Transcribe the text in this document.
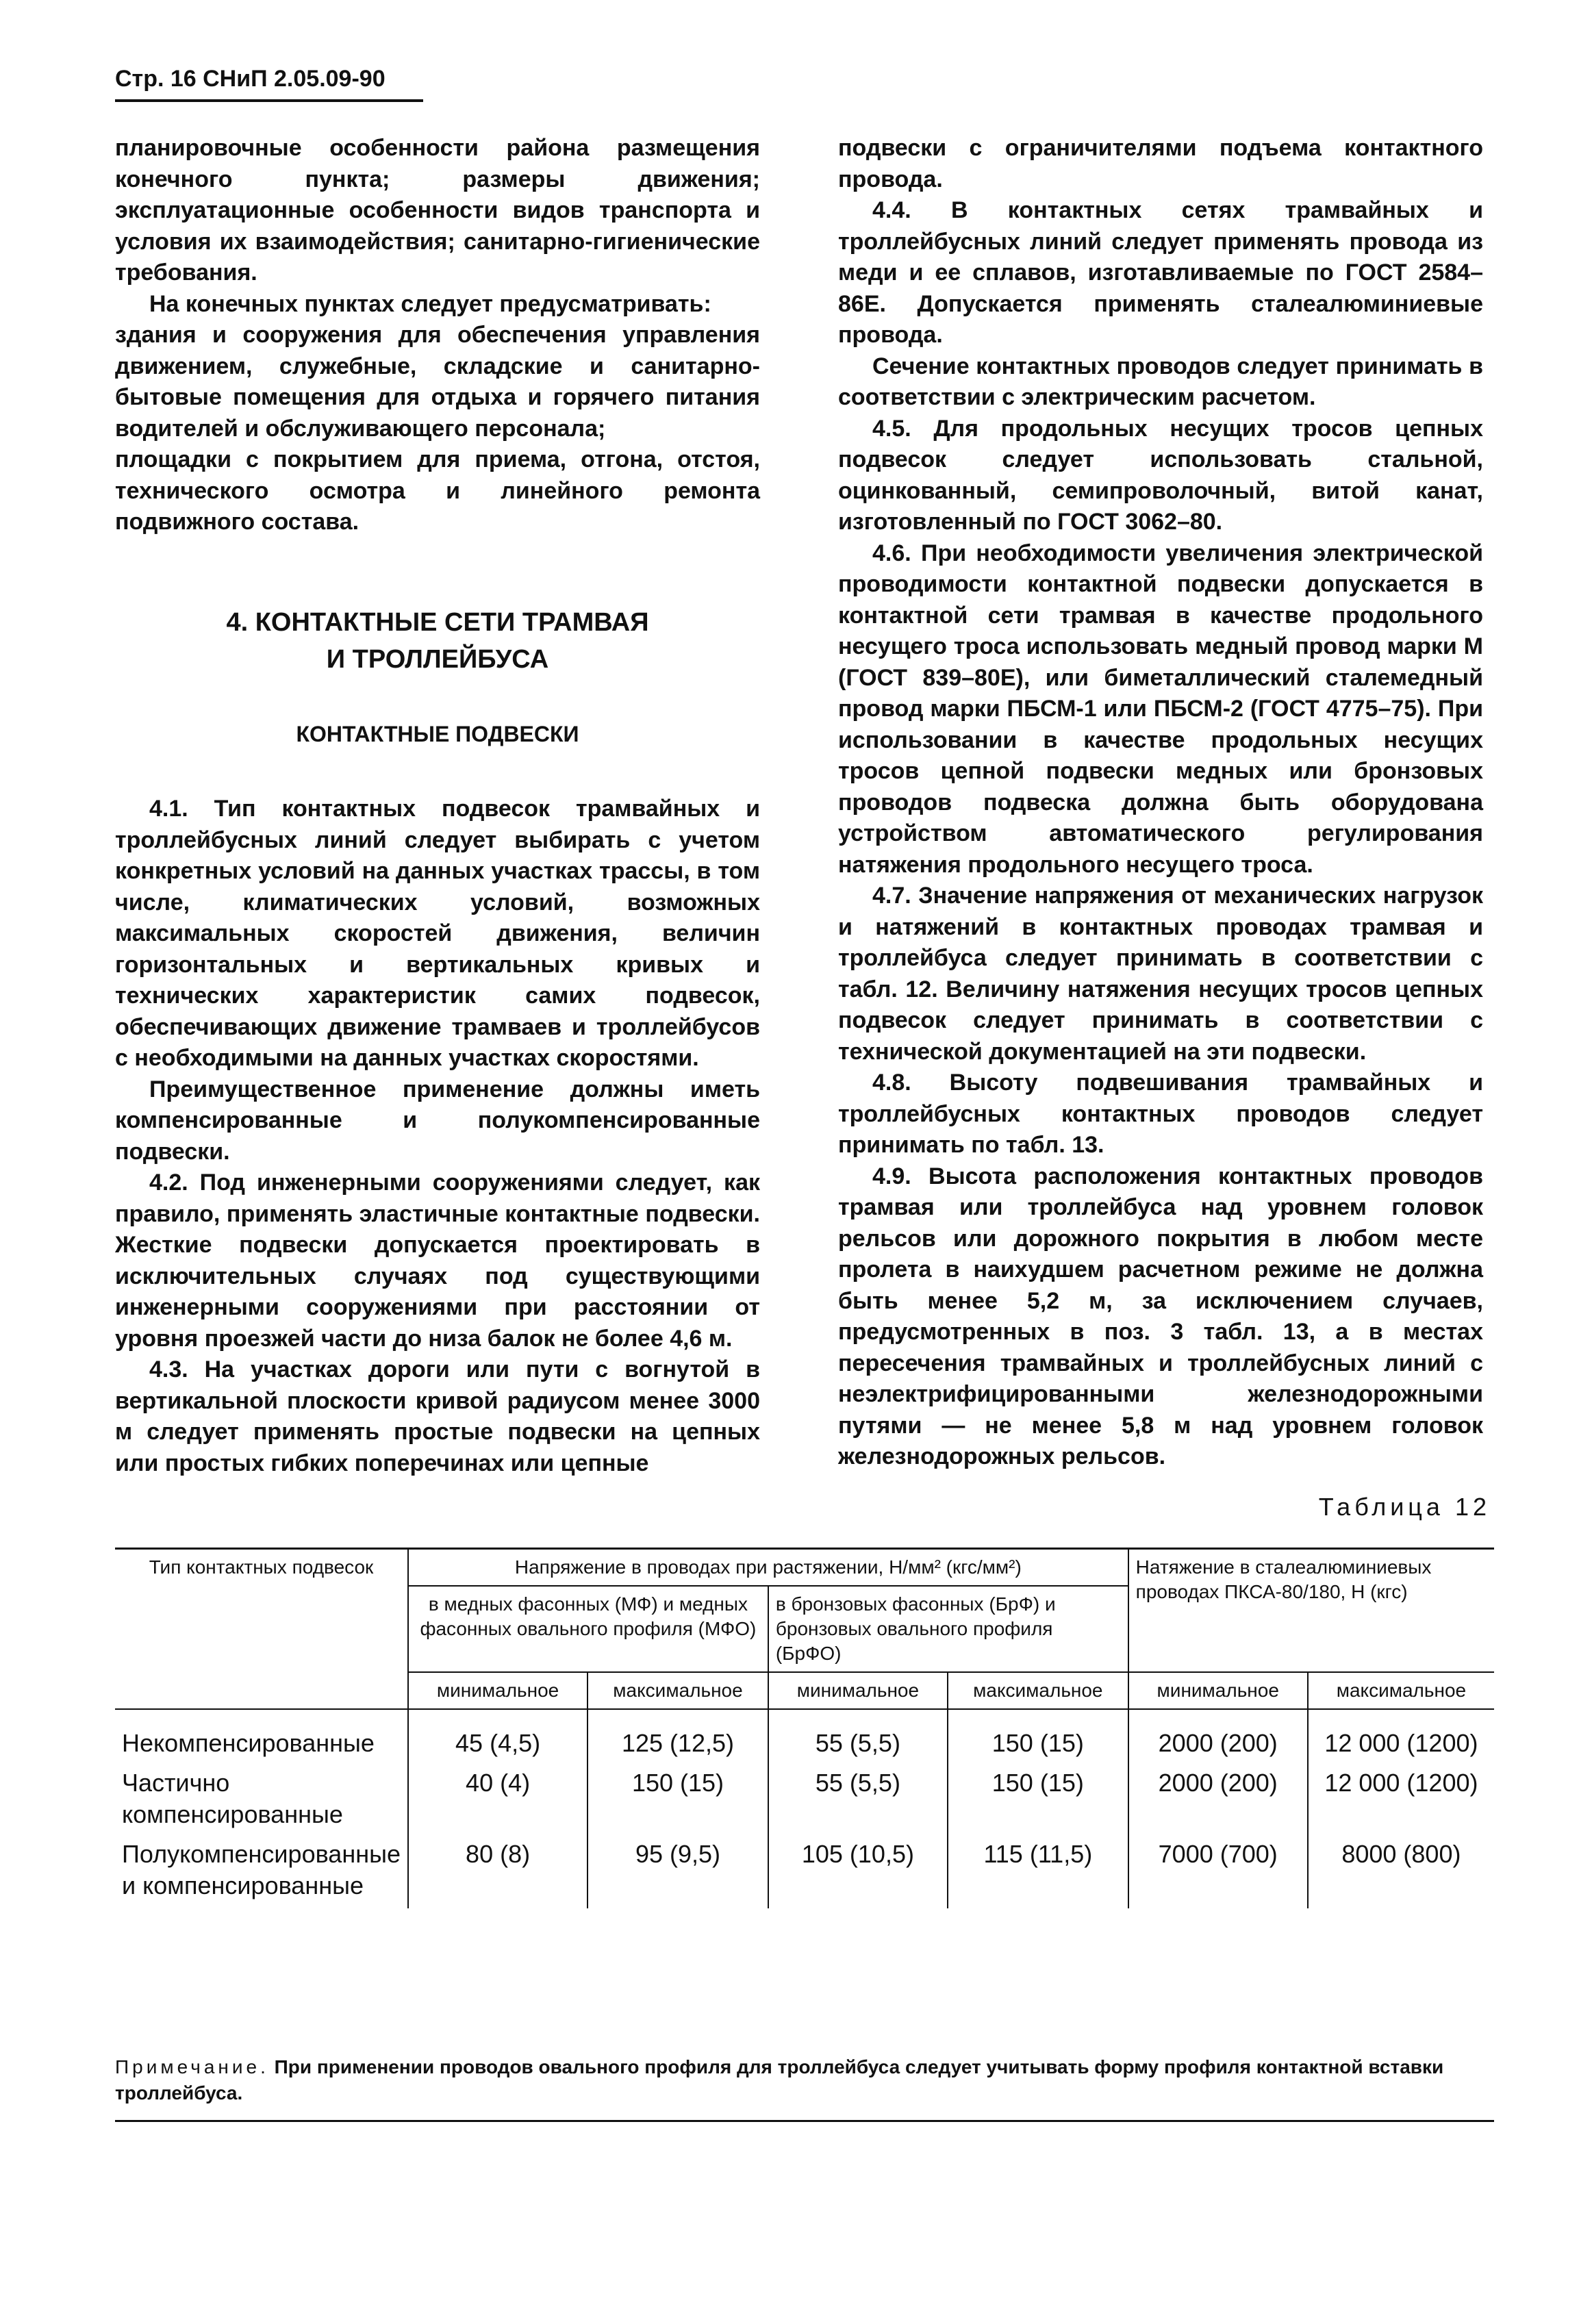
Стр. 16 СНиП 2.05.09-90

планировочные особенности района размещения конечного пункта; размеры движения; эксплуатационные особенности видов транспорта и условия их взаимодействия; санитарно-гигиенические требования.

На конечных пунктах следует предусматривать:

здания и сооружения для обеспечения управления движением, служебные, складские и санитарно-бытовые помещения для отдыха и горячего питания водителей и обслуживающего персонала;

площадки с покрытием для приема, отгона, отстоя, технического осмотра и линейного ремонта подвижного состава.

4. КОНТАКТНЫЕ СЕТИ ТРАМВАЯ
И ТРОЛЛЕЙБУСА
КОНТАКТНЫЕ ПОДВЕСКИ

4.1. Тип контактных подвесок трамвайных и троллейбусных линий следует выбирать с учетом конкретных условий на данных участках трассы, в том числе, климатических условий, возможных максимальных скоростей движения, величин горизонтальных и вертикальных кривых и технических характеристик самих подвесок, обеспечивающих движение трамваев и троллейбусов с необходимыми на данных участках скоростями.

Преимущественное применение должны иметь компенсированные и полукомпенсированные подвески.

4.2. Под инженерными сооружениями следует, как правило, применять эластичные контактные подвески. Жесткие подвески допускается проектировать в исключительных случаях под существующими инженерными сооружениями при расстоянии от уровня проезжей части до низа балок не более 4,6 м.

4.3. На участках дороги или пути с вогнутой в вертикальной плоскости кривой радиусом менее 3000 м следует применять простые подвески на цепных или простых гибких поперечинах или цепные

подвески с ограничителями подъема контактного провода.

4.4. В контактных сетях трамвайных и троллейбусных линий следует применять провода из меди и ее сплавов, изготавливаемые по ГОСТ 2584–86Е. Допускается применять сталеалюминиевые провода.

Сечение контактных проводов следует принимать в соответствии с электрическим расчетом.

4.5. Для продольных несущих тросов цепных подвесок следует использовать стальной, оцинкованный, семипроволочный, витой канат, изготовленный по ГОСТ 3062–80.

4.6. При необходимости увеличения электрической проводимости контактной подвески допускается в контактной сети трамвая в качестве продольного несущего троса использовать медный провод марки М (ГОСТ 839–80Е), или биметаллический сталемедный провод марки ПБСМ-1 или ПБСМ-2 (ГОСТ 4775–75). При использовании в качестве продольных несущих тросов цепной подвески медных или бронзовых проводов подвеска должна быть оборудована устройством автоматического регулирования натяжения продольного несущего троса.

4.7. Значение напряжения от механических нагрузок и натяжений в контактных проводах трамвая и троллейбуса следует принимать в соответствии с табл. 12. Величину натяжения несущих тросов цепных подвесок следует принимать в соответствии с технической документацией на эти подвески.

4.8. Высоту подвешивания трамвайных и троллейбусных контактных проводов следует принимать по табл. 13.

4.9. Высота расположения контактных проводов трамвая или троллейбуса над уровнем головок рельсов или дорожного покрытия в любом месте пролета в наихудшем расчетном режиме не должна быть менее 5,2 м, за исключением случаев, предусмотренных в поз. 3 табл. 13, а в местах пересечения трамвайных и троллейбусных линий с неэлектрифицированными железнодорожными путями — не менее 5,8 м над уровнем головок железнодорожных рельсов.

Таблица 12
Тип контактных подвесок	Напряжение в проводах при растяжении, Н/мм² (кгс/мм²)				Натяжение в сталеалюминиевых проводах ПКСА-80/180, Н (кгс)	
	в медных фасонных (МФ) и медных фасонных овального профиля (МФО)		в бронзовых фасонных (БрФ) и бронзовых овального профиля (БрФО)			
	минимальное	максимальное	минимальное	максимальное	минимальное	максимальное
Некомпенсированные	45 (4,5)	125 (12,5)	55 (5,5)	150 (15)	2000 (200)	12 000 (1200)
Частично компенсированные	40 (4)	150 (15)	55 (5,5)	150 (15)	2000 (200)	12 000 (1200)
Полукомпенсированные и компенсированные	80 (8)	95 (9,5)	105 (10,5)	115 (11,5)	7000 (700)	8000 (800)
Примечание. При применении проводов овального профиля для троллейбуса следует учитывать форму профиля контактной вставки троллейбуса.
